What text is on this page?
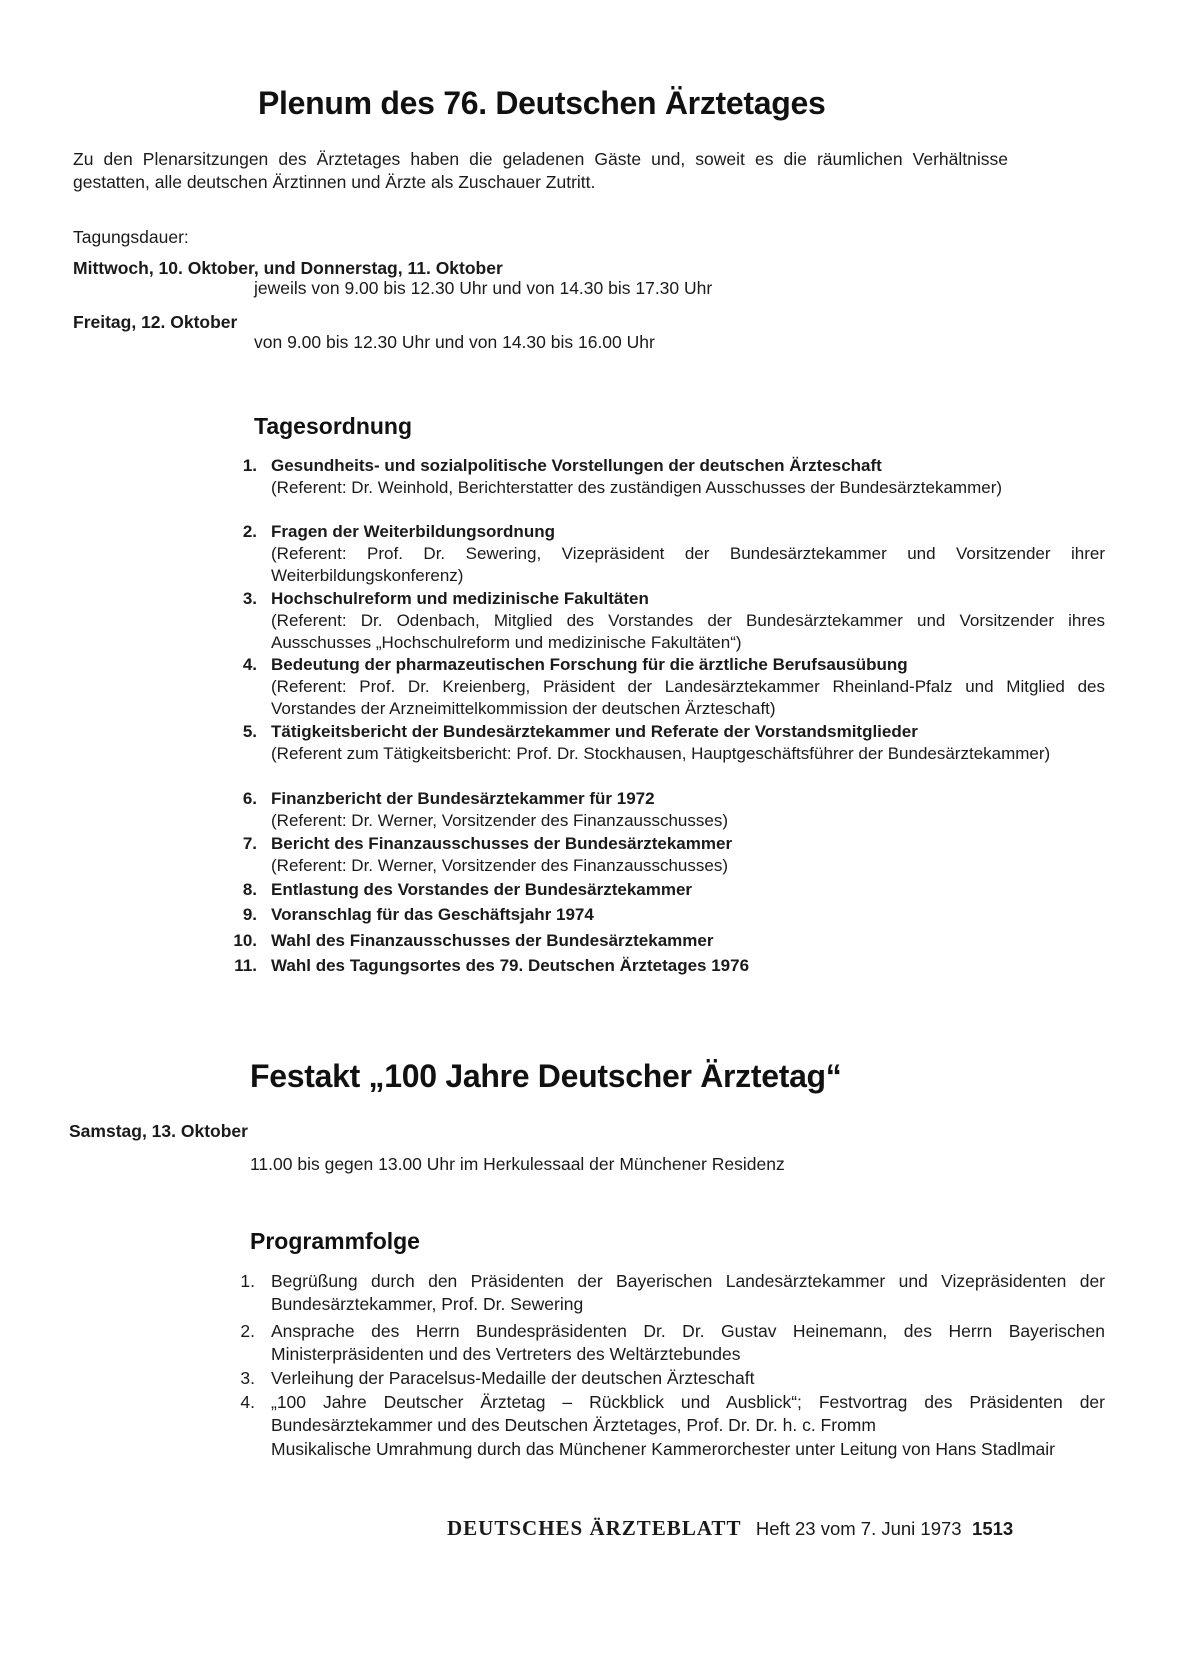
Plenum des 76. Deutschen Ärztetages
Zu den Plenarsitzungen des Ärztetages haben die geladenen Gäste und, soweit es die räumlichen Verhältnisse gestatten, alle deutschen Ärztinnen und Ärzte als Zuschauer Zutritt.
Tagungsdauer:
Mittwoch, 10. Oktober, und Donnerstag, 11. Oktober
jeweils von 9.00 bis 12.30 Uhr und von 14.30 bis 17.30 Uhr
Freitag, 12. Oktober
von 9.00 bis 12.30 Uhr und von 14.30 bis 16.00 Uhr
Tagesordnung
1. Gesundheits- und sozialpolitische Vorstellungen der deutschen Ärzteschaft
(Referent: Dr. Weinhold, Berichterstatter des zuständigen Ausschusses der Bundesärztekammer)
2. Fragen der Weiterbildungsordnung
(Referent: Prof. Dr. Sewering, Vizepräsident der Bundesärztekammer und Vorsitzender ihrer Weiterbildungskonferenz)
3. Hochschulreform und medizinische Fakultäten
(Referent: Dr. Odenbach, Mitglied des Vorstandes der Bundesärztekammer und Vorsitzender ihres Ausschusses „Hochschulreform und medizinische Fakultäten“)
4. Bedeutung der pharmazeutischen Forschung für die ärztliche Berufsausübung
(Referent: Prof. Dr. Kreienberg, Präsident der Landesärztekammer Rheinland-Pfalz und Mitglied des Vorstandes der Arzneimittelkommission der deutschen Ärzteschaft)
5. Tätigkeitsbericht der Bundesärztekammer und Referate der Vorstandsmitglieder
(Referent zum Tätigkeitsbericht: Prof. Dr. Stockhausen, Hauptgeschäftsführer der Bundesärztekammer)
6. Finanzbericht der Bundesärztekammer für 1972
(Referent: Dr. Werner, Vorsitzender des Finanzausschusses)
7. Bericht des Finanzausschusses der Bundesärztekammer
(Referent: Dr. Werner, Vorsitzender des Finanzausschusses)
8. Entlastung des Vorstandes der Bundesärztekammer
9. Voranschlag für das Geschäftsjahr 1974
10. Wahl des Finanzausschusses der Bundesärztekammer
11. Wahl des Tagungsortes des 79. Deutschen Ärztetages 1976
Festakt „100 Jahre Deutscher Ärztetag“
Samstag, 13. Oktober
11.00 bis gegen 13.00 Uhr im Herkulessaal der Münchener Residenz
Programmfolge
1. Begrüßung durch den Präsidenten der Bayerischen Landesärztekammer und Vizepräsidenten der Bundesärztekammer, Prof. Dr. Sewering
2. Ansprache des Herrn Bundespräsidenten Dr. Dr. Gustav Heinemann, des Herrn Bayerischen Ministerpräsidenten und des Vertreters des Weltärztebundes
3. Verleihung der Paracelsus-Medaille der deutschen Ärzteschaft
4. „100 Jahre Deutscher Ärztetag – Rückblick und Ausblick“; Festvortrag des Präsidenten der Bundesärztekammer und des Deutschen Ärztetages, Prof. Dr. Dr. h. c. Fromm
Musikalische Umrahmung durch das Münchener Kammerorchester unter Leitung von Hans Stadlmair
DEUTSCHES ÄRZTEBLATT Heft 23 vom 7. Juni 1973 1513
